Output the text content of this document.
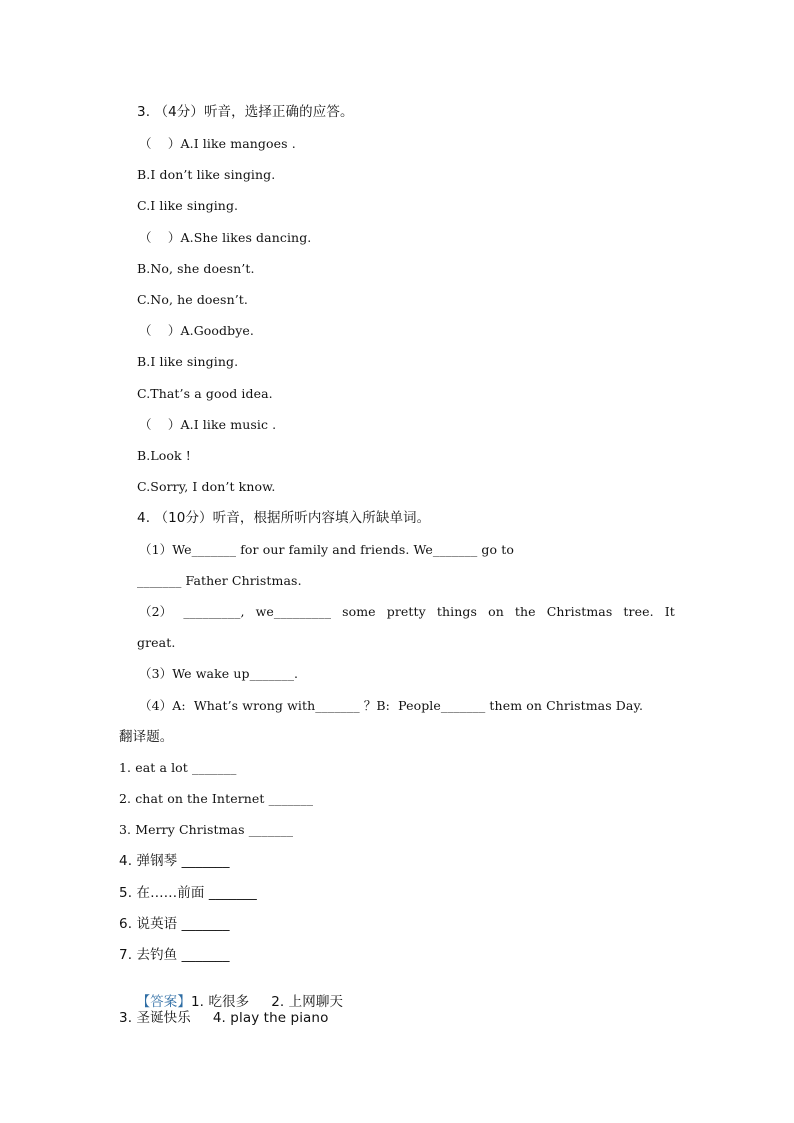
3. （4分）听音，选择正确的应答。
（    ）A.I like mangoes .
B.I don’t like singing.
C.I like singing.
（    ）A.She likes dancing.
B.No, she doesn’t.
C.No, he doesn’t.
（    ）A.Goodbye.
B.I like singing.
C.That’s a good idea.
（    ）A.I like music .
B.Look !
C.Sorry, I don’t know.
4. （10分）听音，根据所听内容填入所缺单词。
（1）We_______ for our family and friends. We_______ go to
_______ Father Christmas.
（2） _________, we_________ some pretty things on the Christmas tree. It
great.
（3）We wake up_______.
（4）A:  What’s wrong with_______ ？B:  People_______ them on Christmas Day.
翻译题。
1. eat a lot _______
2. chat on the Internet _______
3. Merry Christmas _______
4. 弹钢琴 _______
5. 在……前面 _______
6. 说英语 _______
7. 去钓鱼 _______

【答案】1. 吃很多     2. 上网聊天

3. 圣诞快乐     4. play the piano
